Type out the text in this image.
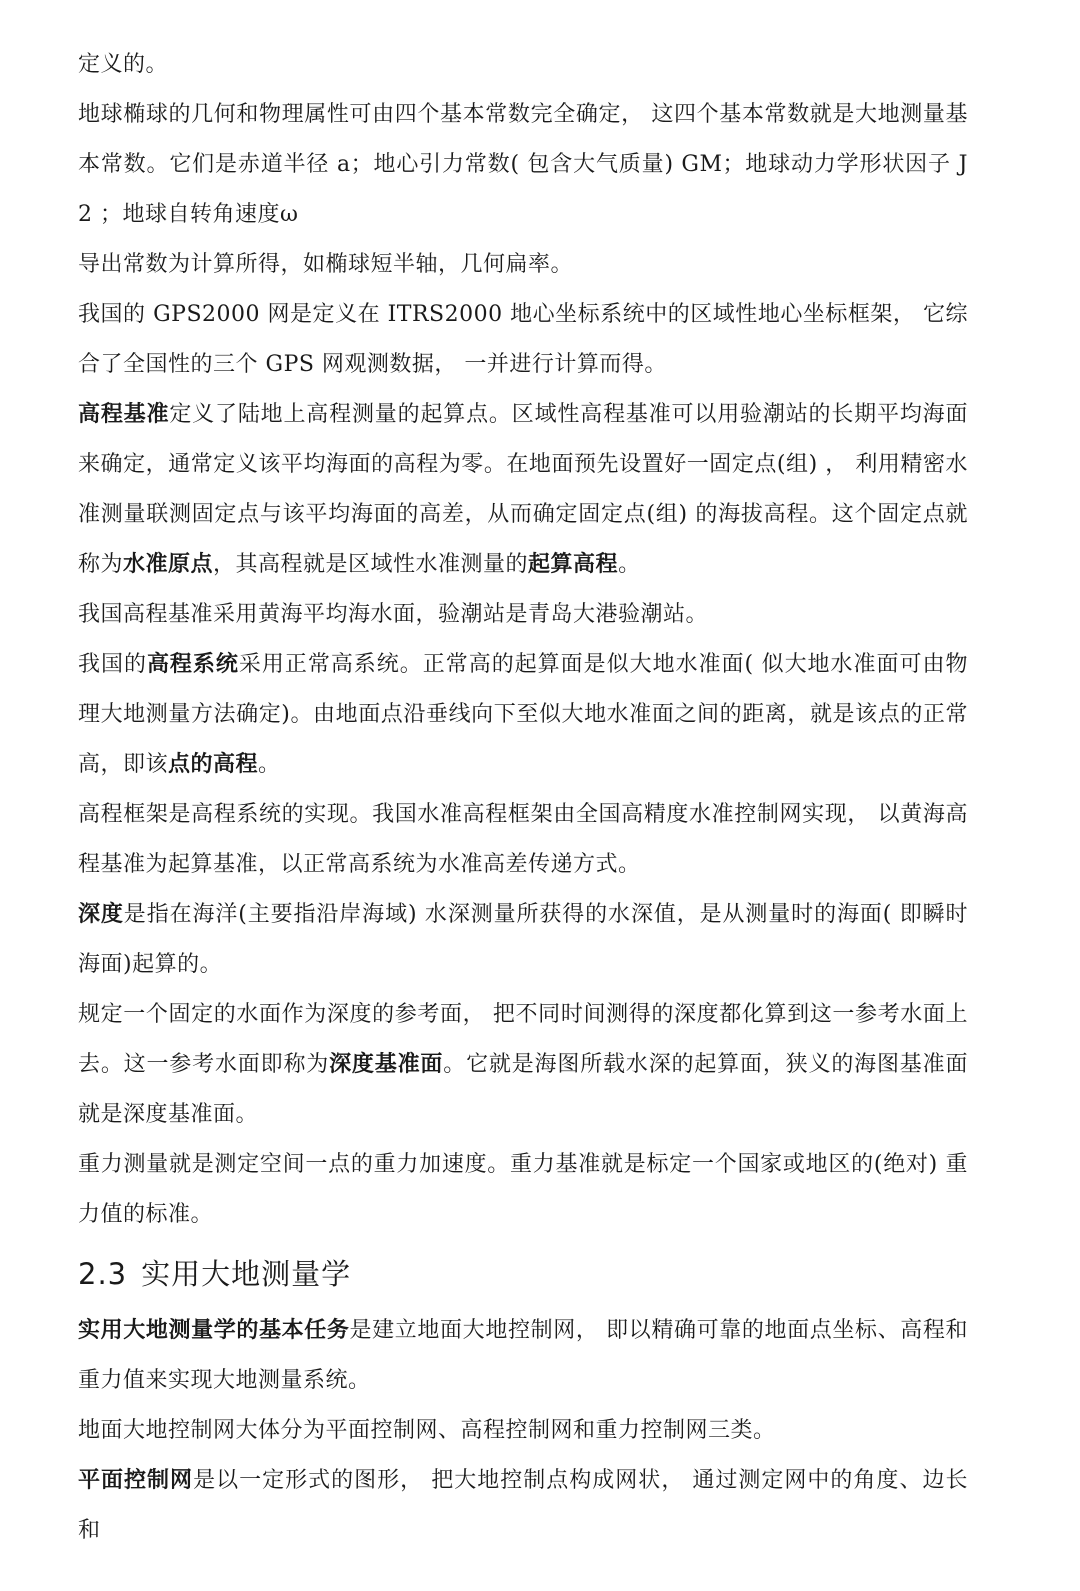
定义的。

地球椭球的几何和物理属性可由四个基本常数完全确定， 这四个基本常数就是大地测量基本常数。它们是赤道半径 a；地心引力常数( 包含大气质量) GM；地球动力学形状因子 J2 ；地球自转角速度ω

导出常数为计算所得，如椭球短半轴，几何扁率。

我国的 GPS2000 网是定义在 ITRS2000 地心坐标系统中的区域性地心坐标框架， 它综合了全国性的三个 GPS 网观测数据， 一并进行计算而得。

高程基准定义了陆地上高程测量的起算点。区域性高程基准可以用验潮站的长期平均海面来确定，通常定义该平均海面的高程为零。在地面预先设置好一固定点(组) ， 利用精密水准测量联测固定点与该平均海面的高差，从而确定固定点(组) 的海拔高程。这个固定点就称为水准原点，其高程就是区域性水准测量的起算高程。

我国高程基准采用黄海平均海水面，验潮站是青岛大港验潮站。

我国的高程系统采用正常高系统。正常高的起算面是似大地水准面( 似大地水准面可由物理大地测量方法确定)。由地面点沿垂线向下至似大地水准面之间的距离，就是该点的正常高，即该点的高程。

高程框架是高程系统的实现。我国水准高程框架由全国高精度水准控制网实现， 以黄海高程基准为起算基准，以正常高系统为水准高差传递方式。

深度是指在海洋(主要指沿岸海域) 水深测量所获得的水深值，是从测量时的海面( 即瞬时海面)起算的。

规定一个固定的水面作为深度的参考面， 把不同时间测得的深度都化算到这一参考水面上去。这一参考水面即称为深度基准面。它就是海图所载水深的起算面，狭义的海图基准面就是深度基准面。

重力测量就是测定空间一点的重力加速度。重力基准就是标定一个国家或地区的(绝对) 重力值的标准。

2.3 实用大地测量学

实用大地测量学的基本任务是建立地面大地控制网， 即以精确可靠的地面点坐标、高程和重力值来实现大地测量系统。

地面大地控制网大体分为平面控制网、高程控制网和重力控制网三类。

平面控制网是以一定形式的图形， 把大地控制点构成网状， 通过测定网中的角度、边长和
